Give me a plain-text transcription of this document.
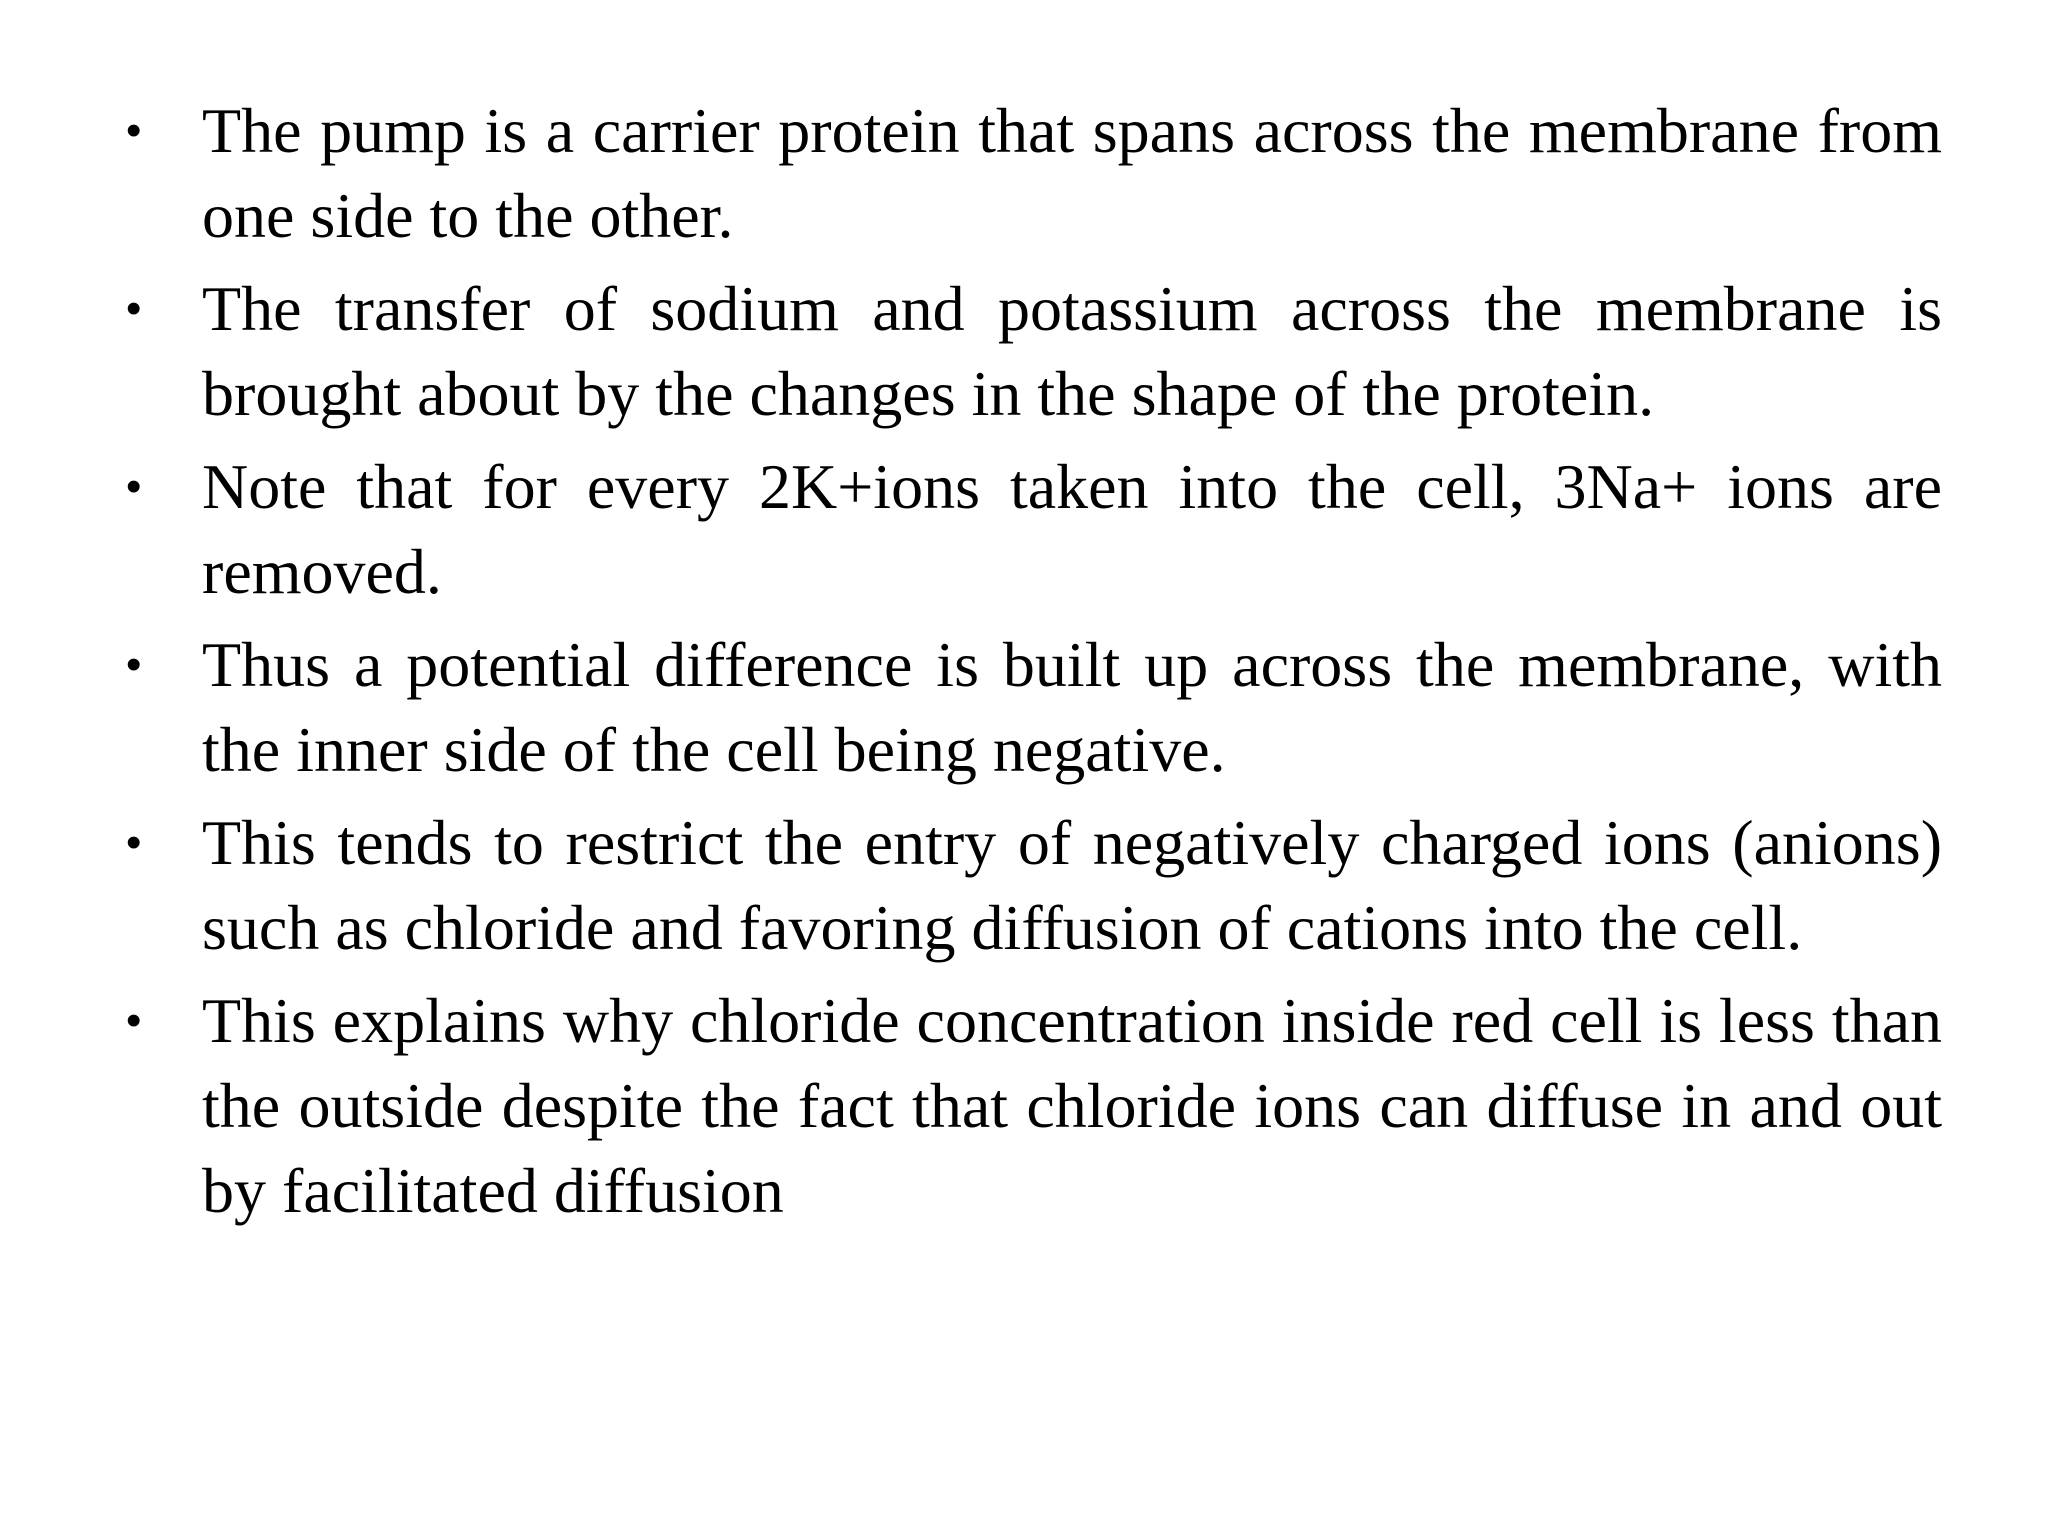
• The pump is a carrier protein that spans across the membrane from one side to the other.
• The transfer of sodium and potassium across the membrane is brought about by the changes in the shape of the protein.
• Note that for every 2K+ions taken into the cell, 3Na+ ions are removed.
• Thus a potential difference is built up across the membrane, with the inner side of the cell being negative.
• This tends to restrict the entry of negatively charged ions (anions) such as chloride and favoring diffusion of cations into the cell.
• This explains why chloride concentration inside red cell is less than the outside despite the fact that chloride ions can diffuse in and out by facilitated diffusion
